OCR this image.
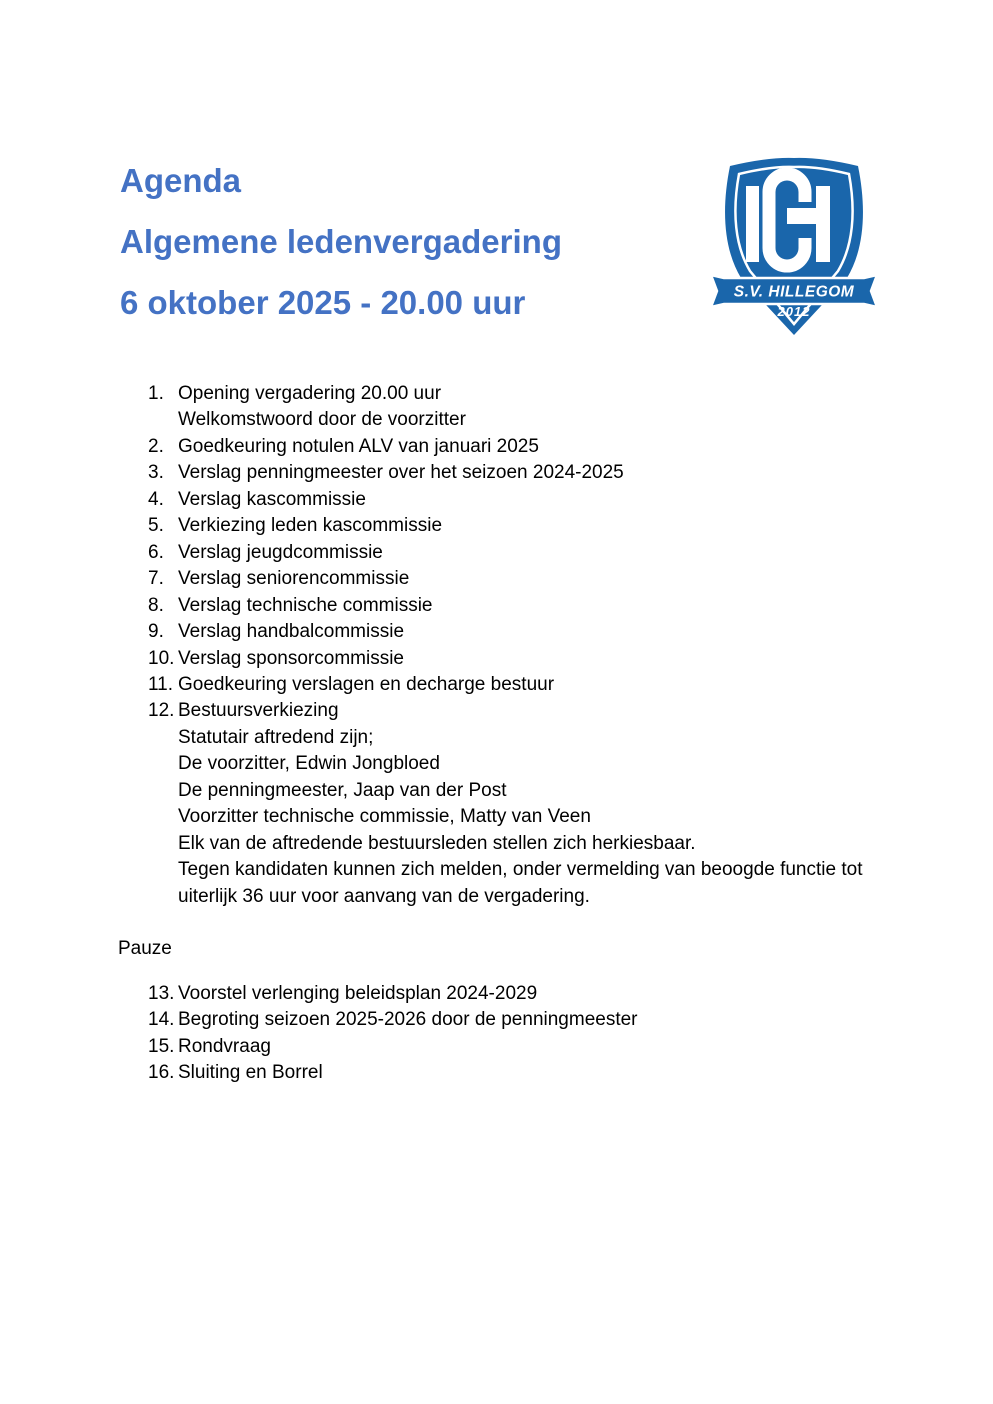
Agenda
Algemene ledenvergadering
6 oktober 2025 - 20.00 uur	S.V. HILLEGOM
2012
1. Opening vergadering 20.00 uur
Welkomstwoord door de voorzitter
2. Goedkeuring notulen ALV van januari 2025
3. Verslag penningmeester over het seizoen 2024-2025
4. Verslag kascommissie
5. Verkiezing leden kascommissie
6. Verslag jeugdcommissie
7. Verslag seniorencommissie
8. Verslag technische commissie
9. Verslag handbalcommissie
10. Verslag sponsorcommissie
11. Goedkeuring verslagen en decharge bestuur
12. Bestuursverkiezing
Statutair aftredend zijn;
De voorzitter, Edwin Jongbloed
De penningmeester, Jaap van der Post
Voorzitter technische commissie, Matty van Veen
Elk van de aftredende bestuursleden stellen zich herkiesbaar.
Tegen kandidaten kunnen zich melden, onder vermelding van beoogde functie tot
uiterlijk 36 uur voor aanvang van de vergadering.
Pauze
13. Voorstel verlenging beleidsplan 2024-2029
14. Begroting seizoen 2025-2026 door de penningmeester
15. Rondvraag
16. Sluiting en Borrel
